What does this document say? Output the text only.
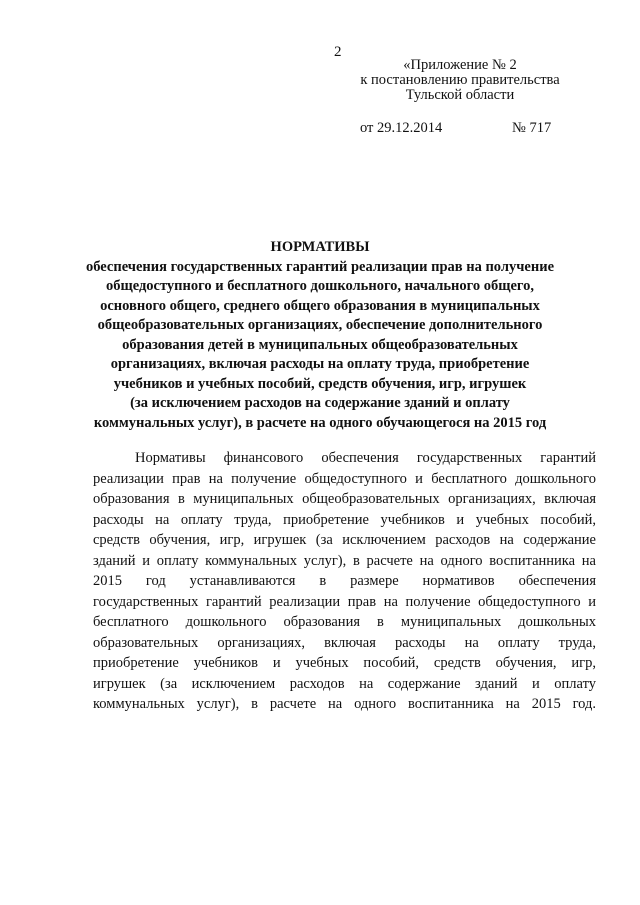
2
«Приложение № 2
к постановлению правительства
Тульской области
от 29.12.2014	№ 717
НОРМАТИВЫ
обеспечения государственных гарантий реализации прав на получение
общедоступного и бесплатного дошкольного, начального общего,
основного общего, среднего общего образования в муниципальных
общеобразовательных организациях, обеспечение дополнительного
образования детей в муниципальных общеобразовательных
организациях, включая расходы на оплату труда, приобретение
учебников и учебных пособий, средств обучения, игр, игрушек
(за исключением расходов на содержание зданий и оплату
коммунальных услуг), в расчете на одного обучающегося на 2015 год
Нормативы финансового обеспечения государственных гарантий
реализации прав на получение общедоступного и бесплатного дошкольного
образования в муниципальных общеобразовательных организациях, включая
расходы на оплату труда, приобретение учебников и учебных пособий,
средств обучения, игр, игрушек (за исключением расходов на содержание
зданий и оплату коммунальных услуг), в расчете на одного воспитанника на
2015 год устанавливаются в размере нормативов обеспечения
государственных гарантий реализации прав на получение общедоступного и
бесплатного дошкольного образования в муниципальных дошкольных
образовательных организациях, включая расходы на оплату труда,
приобретение учебников и учебных пособий, средств обучения, игр,
игрушек (за исключением расходов на содержание зданий и оплату
коммунальных услуг), в расчете на одного воспитанника на 2015 год.
